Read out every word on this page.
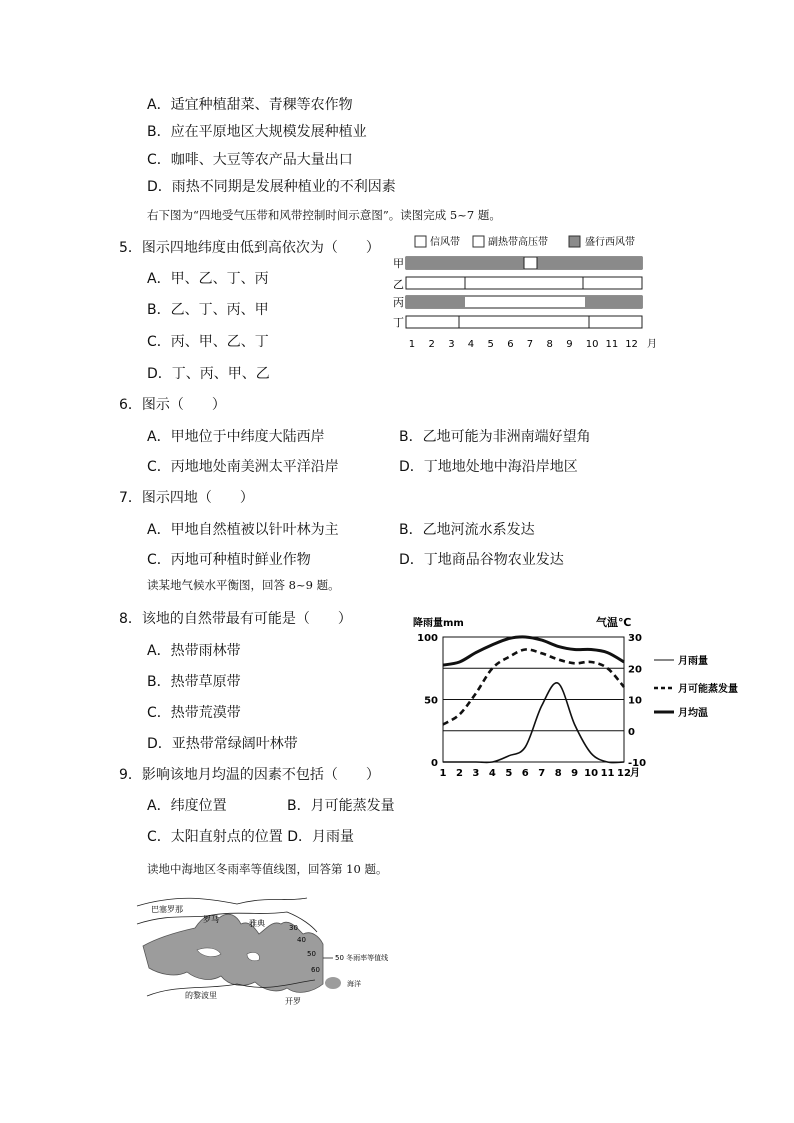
A．适宜种植甜菜、青稞等农作物
B．应在平原地区大规模发展种植业
C．咖啡、大豆等农产品大量出口
D．雨热不同期是发展种植业的不利因素
右下图为“四地受气压带和风带控制时间示意图”。读图完成 5~7 题。
5．图示四地纬度由低到高依次为（　　）
A．甲、乙、丁、丙
B．乙、丁、丙、甲
C．丙、甲、乙、丁
D．丁、丙、甲、乙
信风带	副热带高压带	盛行西风带
甲
乙
丙
丁
1 2 3 4 5 6 7 8 9 10 11 12 月
6．图示（　　）
A．甲地位于中纬度大陆西岸	B．乙地可能为非洲南端好望角
C．丙地地处南美洲太平洋沿岸	D．丁地地处地中海沿岸地区
7．图示四地（　　）
A．甲地自然植被以针叶林为主	B．乙地河流水系发达
C．丙地可种植时鲜业作物	D．丁地商品谷物农业发达
读某地气候水平衡图，回答 8~9 题。
8．该地的自然带最有可能是（　　）
A．热带雨林带
B．热带草原带
C．热带荒漠带
D．亚热带常绿阔叶林带
降雨量mm	气温℃
100
50
0
30
20
10
0
-10
1 2 3 4 5 6 7 8 9 10 11 12 月
月雨量
月可能蒸发量
月均温
9．影响该地月均温的因素不包括（　　）
A．纬度位置	B．月可能蒸发量
C．太阳直射点的位置 D．月雨量
读地中海地区冬雨率等值线图，回答第 10 题。
巴塞罗那
罗马	雅典
的黎波里
开罗
30
40
50
60
50 冬雨率等值线
海洋
